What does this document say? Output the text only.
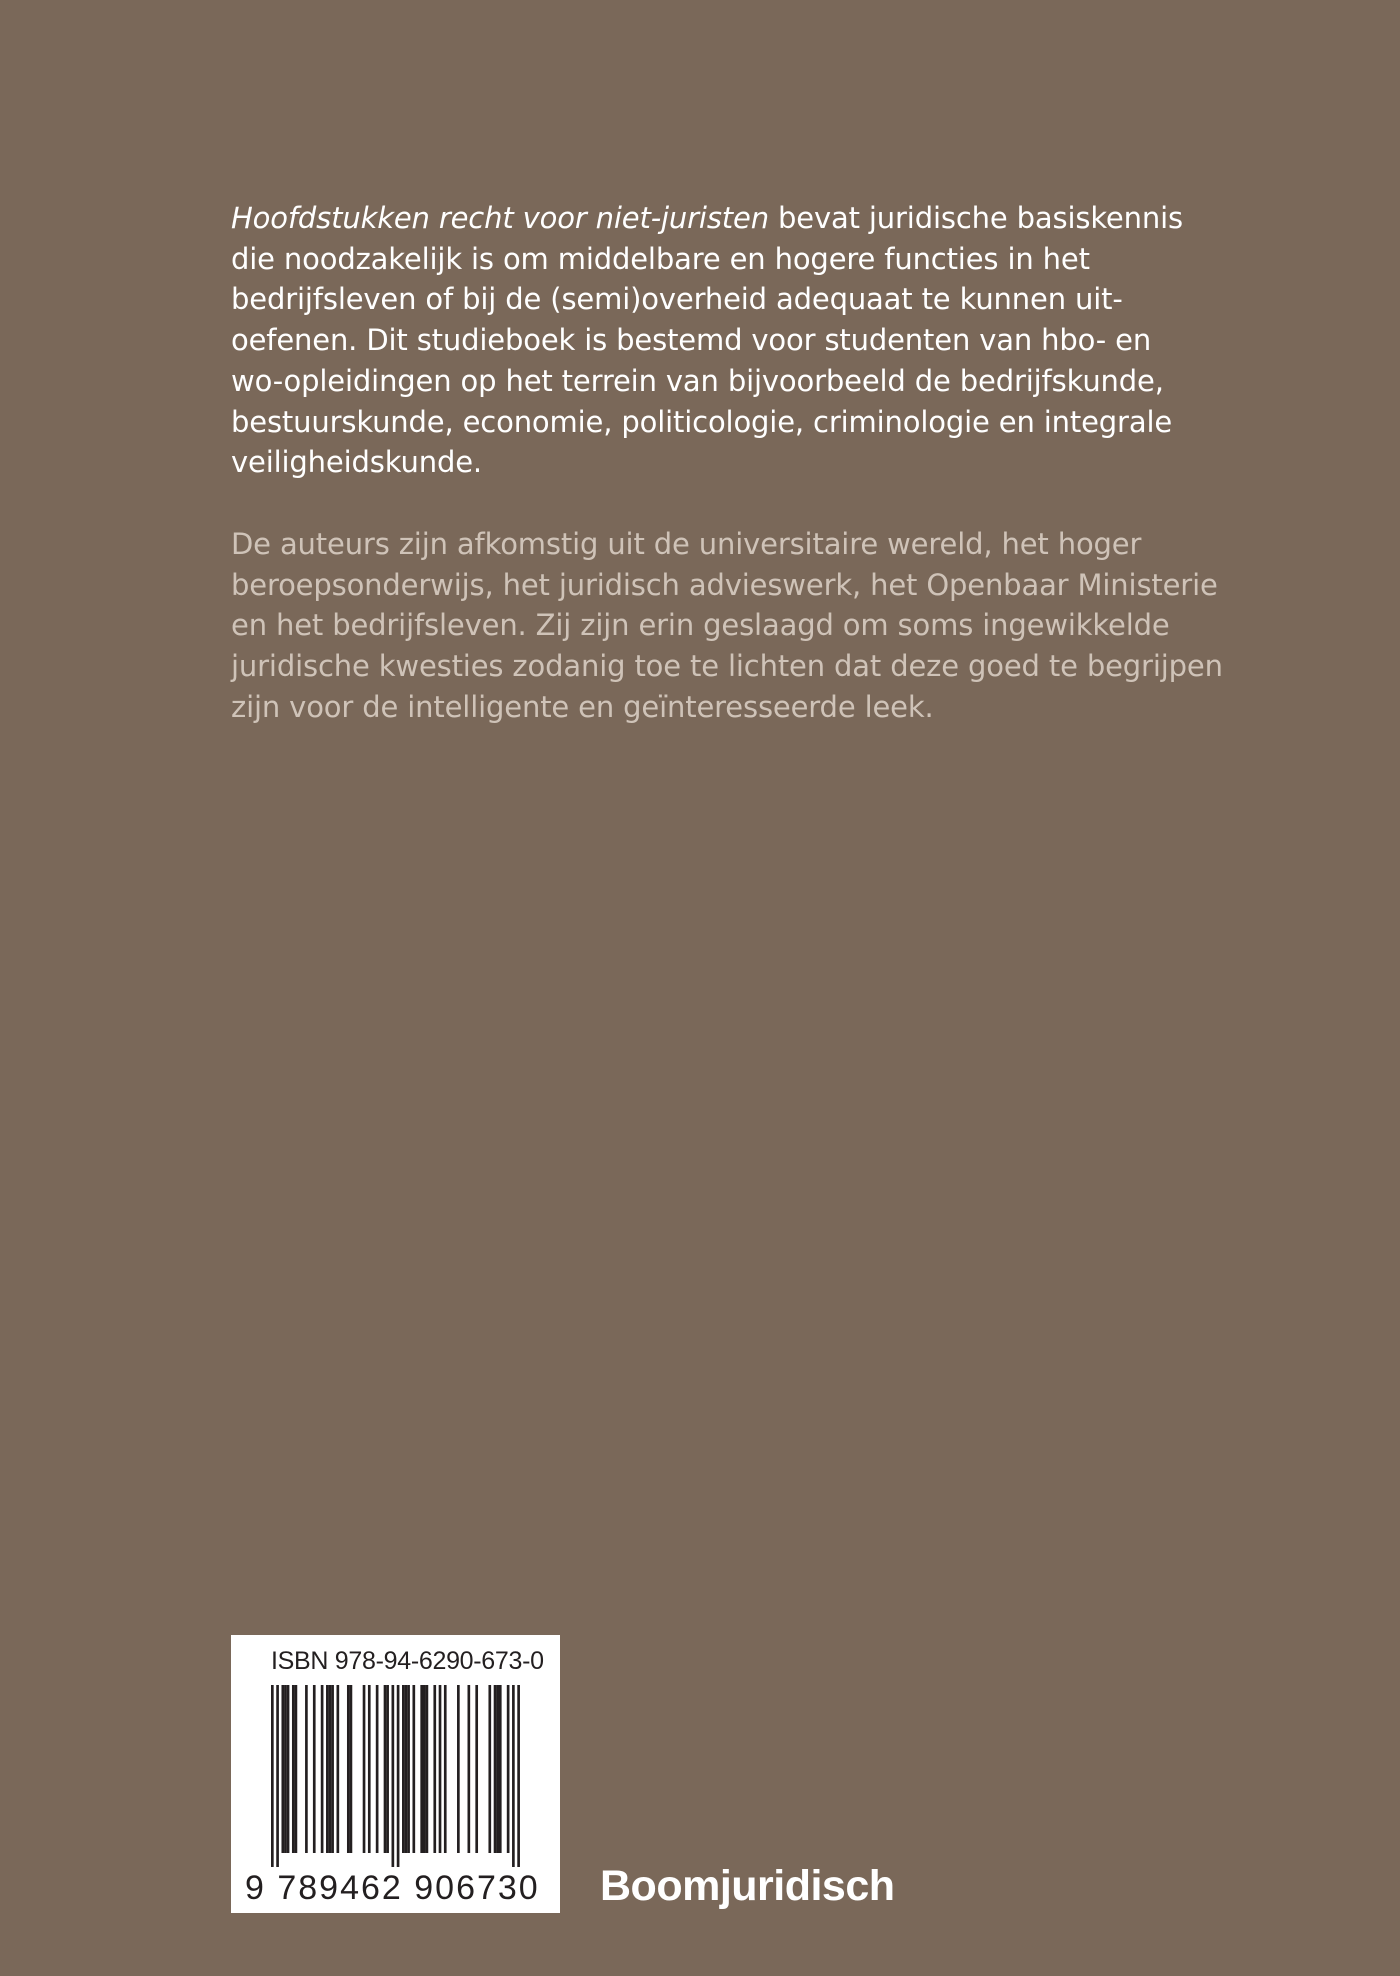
Hoofdstukken recht voor niet-juristen bevat juridische basiskennis
die noodzakelijk is om middelbare en hogere functies in het
bedrijfsleven of bij de (semi)overheid adequaat te kunnen uit-
oefenen. Dit studieboek is bestemd voor studenten van hbo- en
wo-opleidingen op het terrein van bijvoorbeeld de bedrijfskunde,
bestuurskunde, economie, politicologie, criminologie en integrale
veiligheidskunde.
De auteurs zijn afkomstig uit de universitaire wereld, het hoger
beroepsonderwijs, het juridisch advieswerk, het Openbaar Ministerie
en het bedrijfsleven. Zij zijn erin geslaagd om soms ingewikkelde
juridische kwesties zodanig toe te lichten dat deze goed te begrijpen
zijn voor de intelligente en geïnteresseerde leek.
ISBN 978-94-6290-673-0
9 789462 906730 Boomjuridisch
